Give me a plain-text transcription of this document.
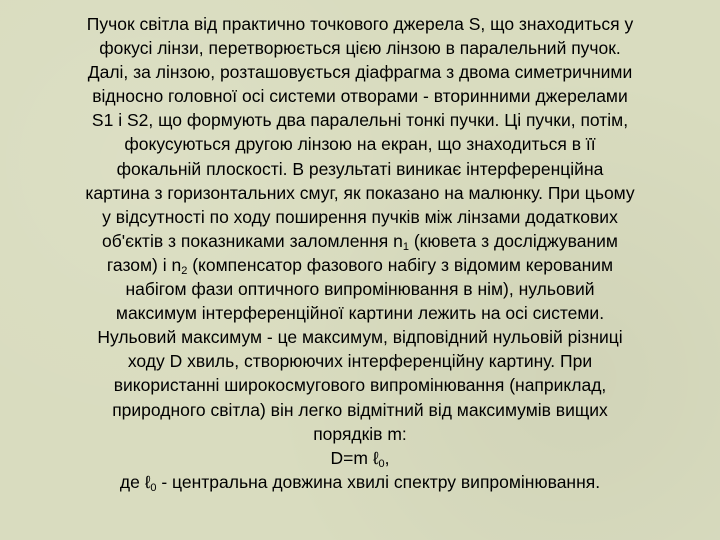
Пучок світла від практично точкового джерела S, що знаходиться у
фокусі лінзи, перетворюється цією лінзою в паралельний пучок.
Далі, за лінзою, розташовується діафрагма з двома симетричними
відносно головної осі системи отворами - вторинними джерелами
S1 і S2, що формують два паралельні тонкі пучки. Ці пучки, потім,
фокусуються другою лінзою на екран, що знаходиться в її
фокальній плоскості. В результаті виникає інтерференційна
картина з горизонтальних смуг, як показано на малюнку. При цьому
у відсутності по ходу поширення пучків між лінзами додаткових
об'єктів з показниками заломлення $n_1$ (кювета з досліджуваним
газом) і $n_2$ (компенсатор фазового набігу з відомим керованим
набігом фази оптичного випромінювання в нім), нульовий
максимум інтерференційної картини лежить на осі системи.
Нульовий максимум - це максимум, відповідний нульовій різниці
ходу D хвиль, створюючих інтерференційну картину. При
використанні широкосмугового випромінювання (наприклад,
природного світла) він легко відмітний від максимумів вищих
порядків m:
D=m ℓ$_0$,
де ℓ$_0$ - центральна довжина хвилі спектру випромінювання.
